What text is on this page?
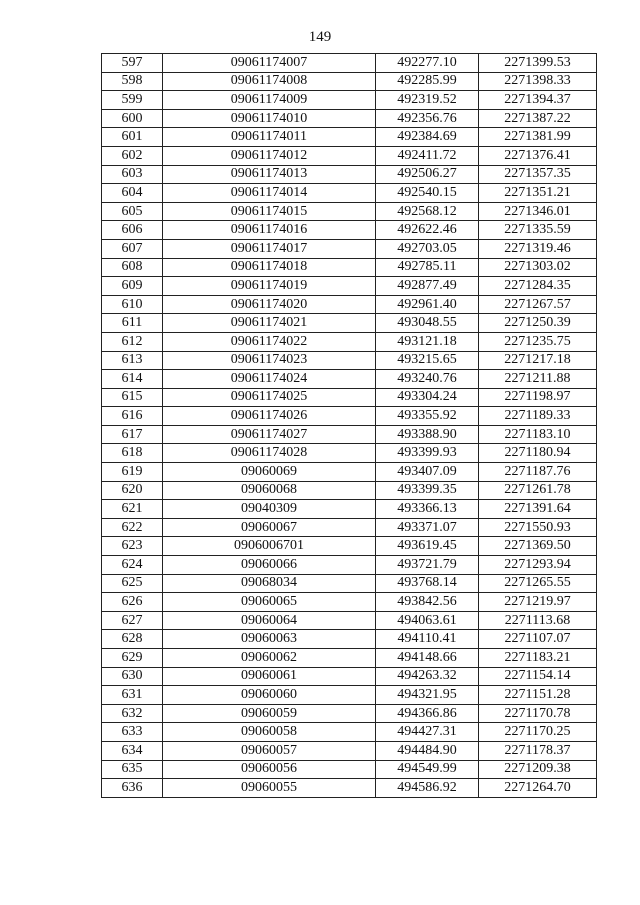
149
597	09061174007	492277.10	2271399.53
598	09061174008	492285.99	2271398.33
599	09061174009	492319.52	2271394.37
600	09061174010	492356.76	2271387.22
601	09061174011	492384.69	2271381.99
602	09061174012	492411.72	2271376.41
603	09061174013	492506.27	2271357.35
604	09061174014	492540.15	2271351.21
605	09061174015	492568.12	2271346.01
606	09061174016	492622.46	2271335.59
607	09061174017	492703.05	2271319.46
608	09061174018	492785.11	2271303.02
609	09061174019	492877.49	2271284.35
610	09061174020	492961.40	2271267.57
611	09061174021	493048.55	2271250.39
612	09061174022	493121.18	2271235.75
613	09061174023	493215.65	2271217.18
614	09061174024	493240.76	2271211.88
615	09061174025	493304.24	2271198.97
616	09061174026	493355.92	2271189.33
617	09061174027	493388.90	2271183.10
618	09061174028	493399.93	2271180.94
619	09060069	493407.09	2271187.76
620	09060068	493399.35	2271261.78
621	09040309	493366.13	2271391.64
622	09060067	493371.07	2271550.93
623	0906006701	493619.45	2271369.50
624	09060066	493721.79	2271293.94
625	09068034	493768.14	2271265.55
626	09060065	493842.56	2271219.97
627	09060064	494063.61	2271113.68
628	09060063	494110.41	2271107.07
629	09060062	494148.66	2271183.21
630	09060061	494263.32	2271154.14
631	09060060	494321.95	2271151.28
632	09060059	494366.86	2271170.78
633	09060058	494427.31	2271170.25
634	09060057	494484.90	2271178.37
635	09060056	494549.99	2271209.38
636	09060055	494586.92	2271264.70
